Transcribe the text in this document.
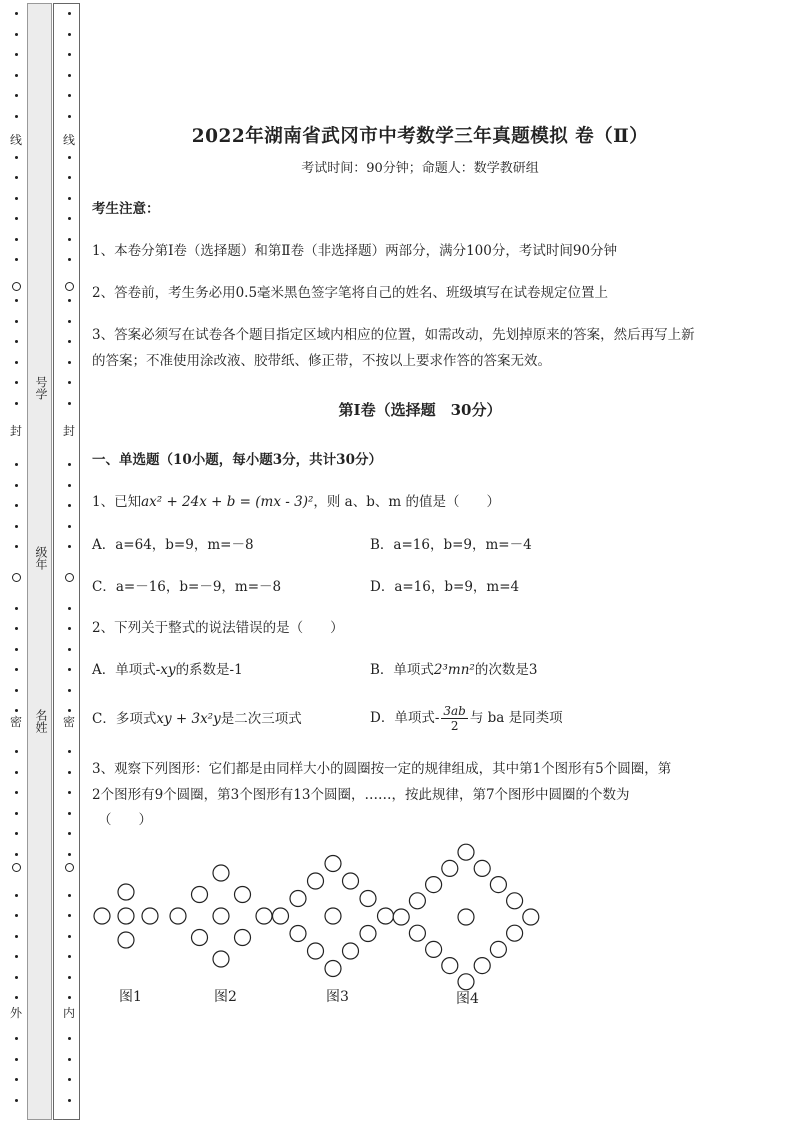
线
封
密
外
线
封
密
内
号学
级年
名姓
2022年湖南省武冈市中考数学三年真题模拟 卷（Ⅱ）
考试时间：90分钟；命题人：数学教研组
考生注意：
1、本卷分第Ⅰ卷（选择题）和第Ⅱ卷（非选择题）两部分，满分100分，考试时间90分钟
2、答卷前，考生务必用0.5毫米黑色签字笔将自己的姓名、班级填写在试卷规定位置上
3、答案必须写在试卷各个题目指定区域内相应的位置，如需改动，先划掉原来的答案，然后再写上新
的答案；不准使用涂改液、胶带纸、修正带，不按以上要求作答的答案无效。
第Ⅰ卷（选择题　30分）
一、单选题（10小题，每小题3分，共计30分）
1、已知ax² + 24x + b = (mx - 3)²，则 a、b、m 的值是（　　）
A．a=64，b=9，m=－8	B．a=16，b=9，m=－4
C．a=－16，b=－9，m=－8	D．a=16，b=9，m=4
2、下列关于整式的说法错误的是（　　）
A．单项式-xy的系数是-1	B．单项式2³mn²的次数是3
C．多项式xy + 3x²y是二次三项式	D．单项式- $\frac{3ab}{2}$ 与 ba 是同类项
3、观察下列图形：它们都是由同样大小的圆圈按一定的规律组成，其中第1个图形有5个圆圈，第
2个图形有9个圆圈，第3个图形有13个圆圈，……，按此规律，第7个图形中圆圈的个数为
（　　）
图1	图2	图3	图4
